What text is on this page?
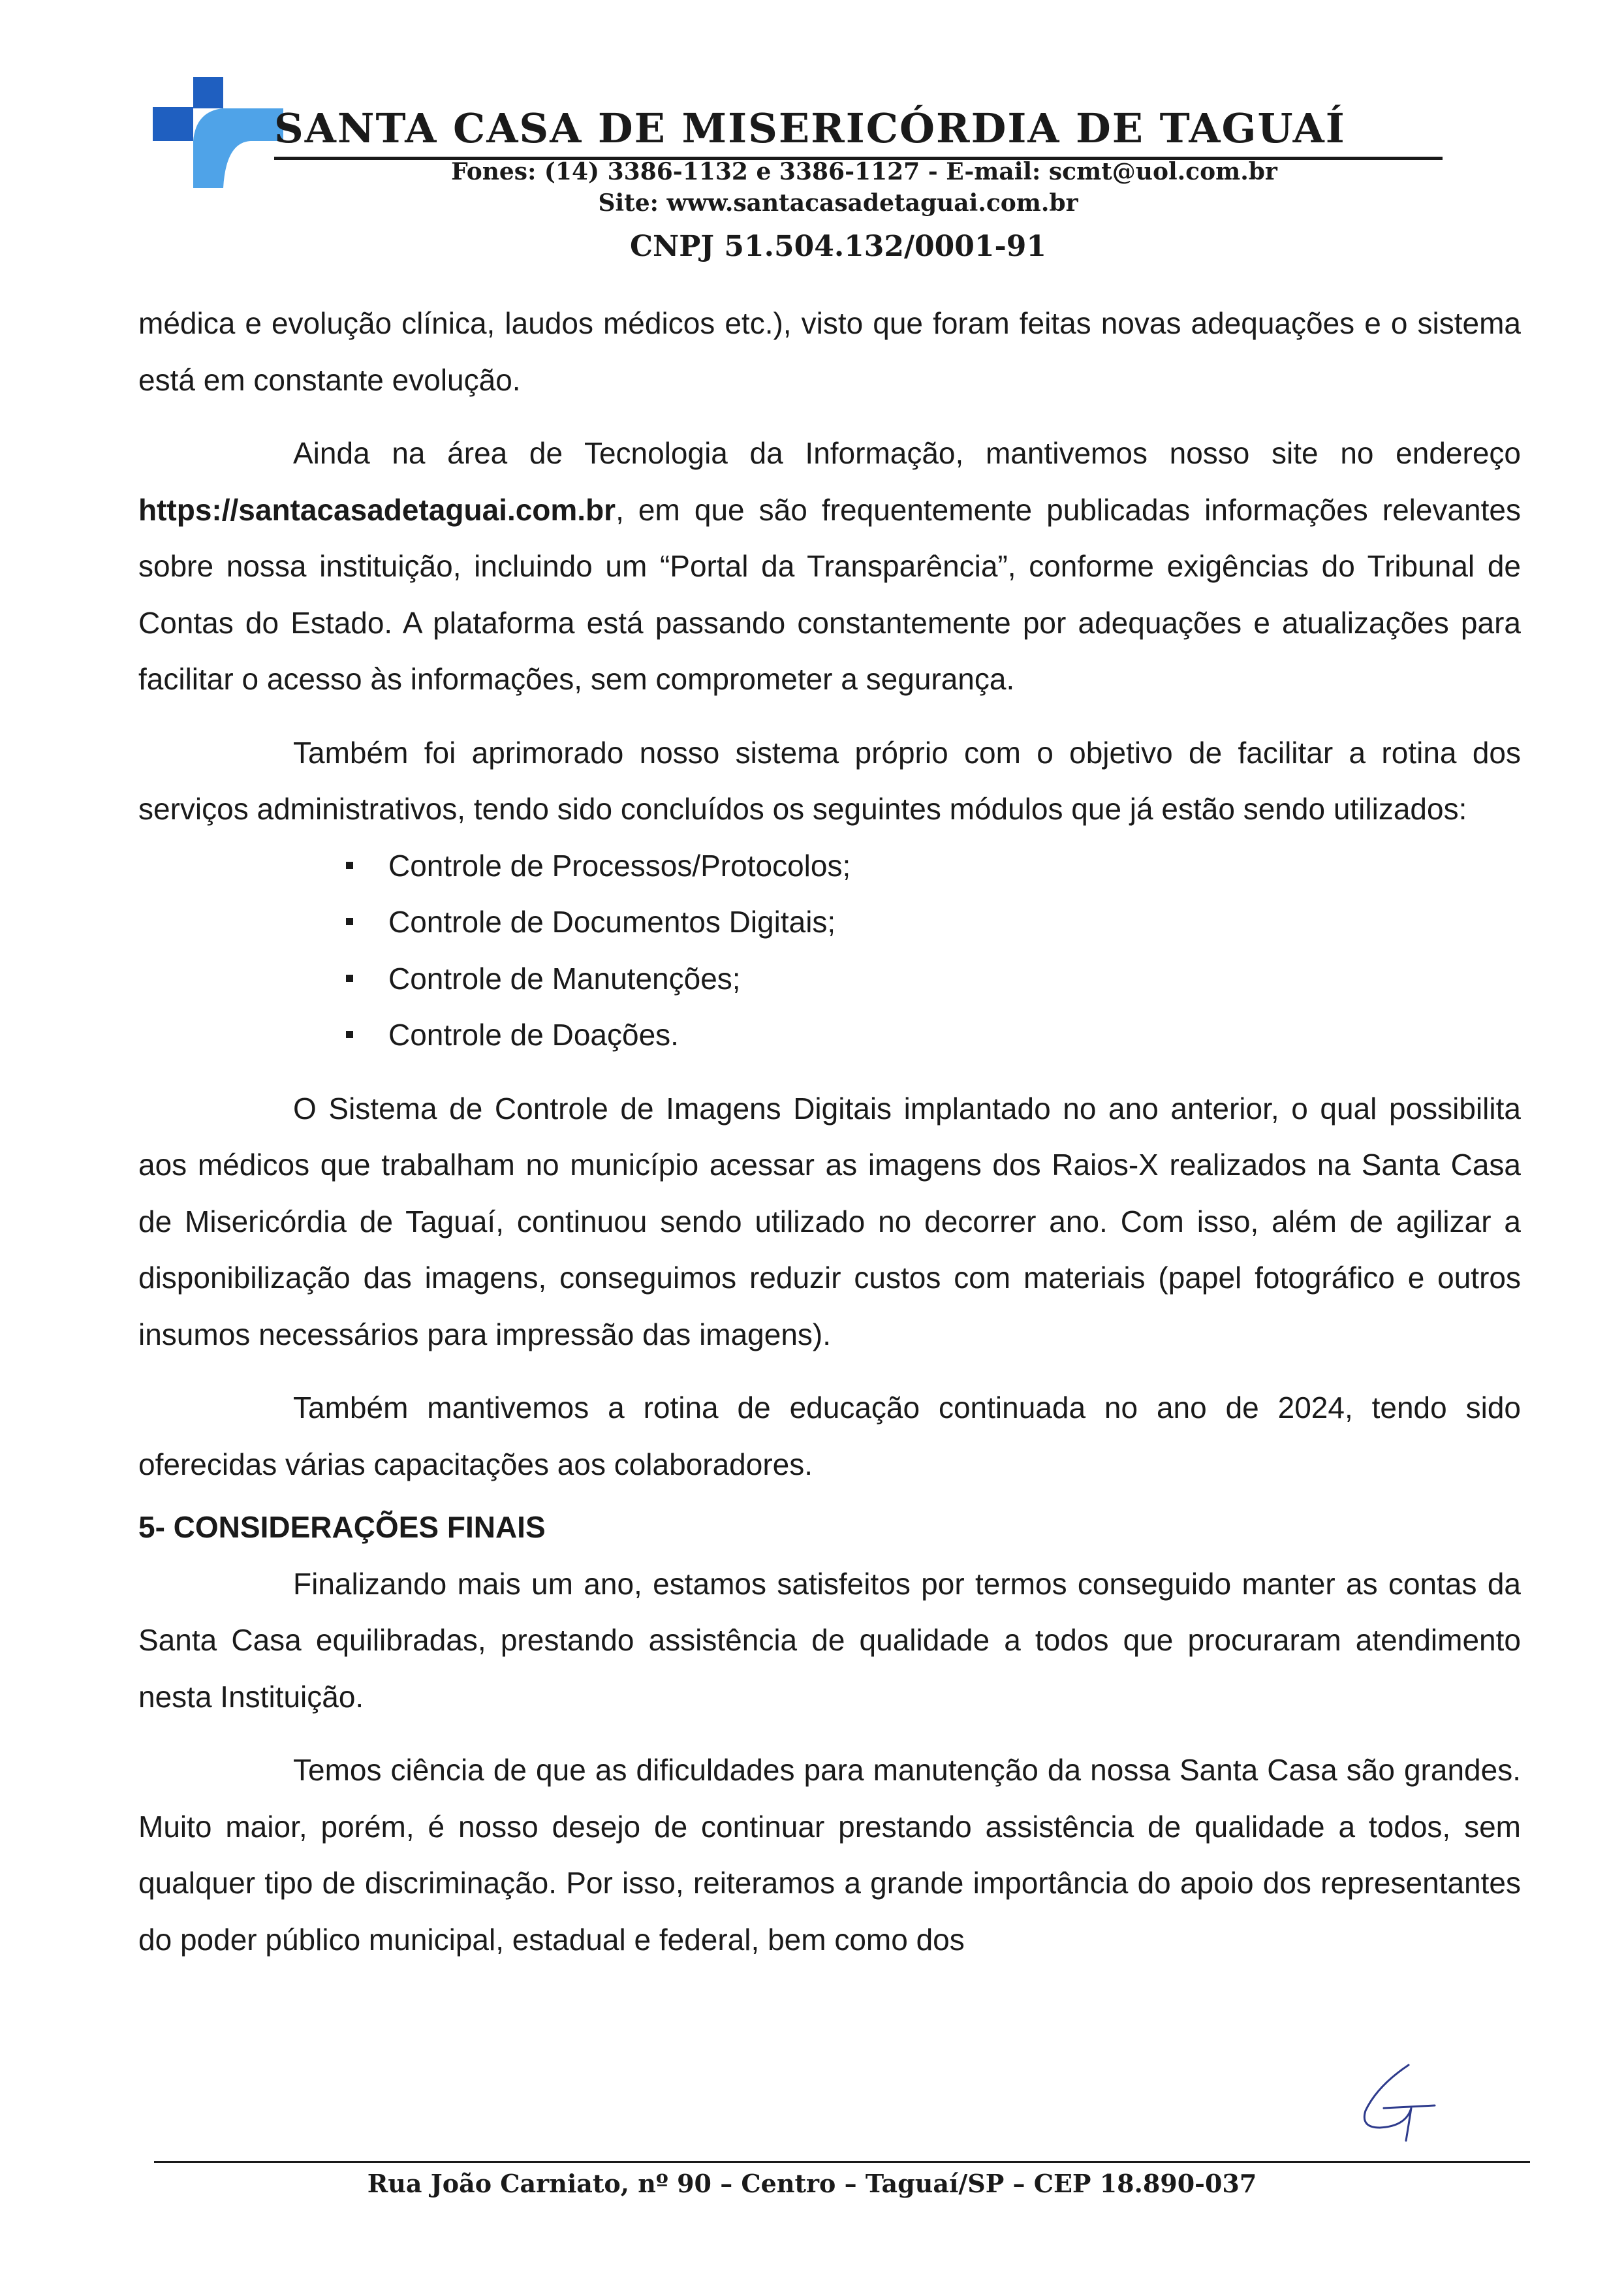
SANTA CASA DE MISERICÓRDIA DE TAGUAÍ
Fones: (14) 3386-1132 e 3386-1127 - E-mail: scmt@uol.com.br
Site: www.santacasadetaguai.com.br
CNPJ 51.504.132/0001-91

médica e evolução clínica, laudos médicos etc.), visto que foram feitas novas adequações e o sistema está em constante evolução.

Ainda na área de Tecnologia da Informação, mantivemos nosso site no endereço https://santacasadetaguai.com.br, em que são frequentemente publicadas informações relevantes sobre nossa instituição, incluindo um “Portal da Transparência”, conforme exigências do Tribunal de Contas do Estado. A plataforma está passando constantemente por adequações e atualizações para facilitar o acesso às informações, sem comprometer a segurança.

Também foi aprimorado nosso sistema próprio com o objetivo de facilitar a rotina dos serviços administrativos, tendo sido concluídos os seguintes módulos que já estão sendo utilizados:

Controle de Processos/Protocolos;
Controle de Documentos Digitais;
Controle de Manutenções;
Controle de Doações.

O Sistema de Controle de Imagens Digitais implantado no ano anterior, o qual possibilita aos médicos que trabalham no município acessar as imagens dos Raios-X realizados na Santa Casa de Misericórdia de Taguaí, continuou sendo utilizado no decorrer ano. Com isso, além de agilizar a disponibilização das imagens, conseguimos reduzir custos com materiais (papel fotográfico e outros insumos necessários para impressão das imagens).

Também mantivemos a rotina de educação continuada no ano de 2024, tendo sido oferecidas várias capacitações aos colaboradores.

5- CONSIDERAÇÕES FINAIS

Finalizando mais um ano, estamos satisfeitos por termos conseguido manter as contas da Santa Casa equilibradas, prestando assistência de qualidade a todos que procuraram atendimento nesta Instituição.

Temos ciência de que as dificuldades para manutenção da nossa Santa Casa são grandes. Muito maior, porém, é nosso desejo de continuar prestando assistência de qualidade a todos, sem qualquer tipo de discriminação. Por isso, reiteramos a grande importância do apoio dos representantes do poder público municipal, estadual e federal, bem como dos

Rua João Carniato, nº 90 – Centro – Taguaí/SP – CEP 18.890-037
